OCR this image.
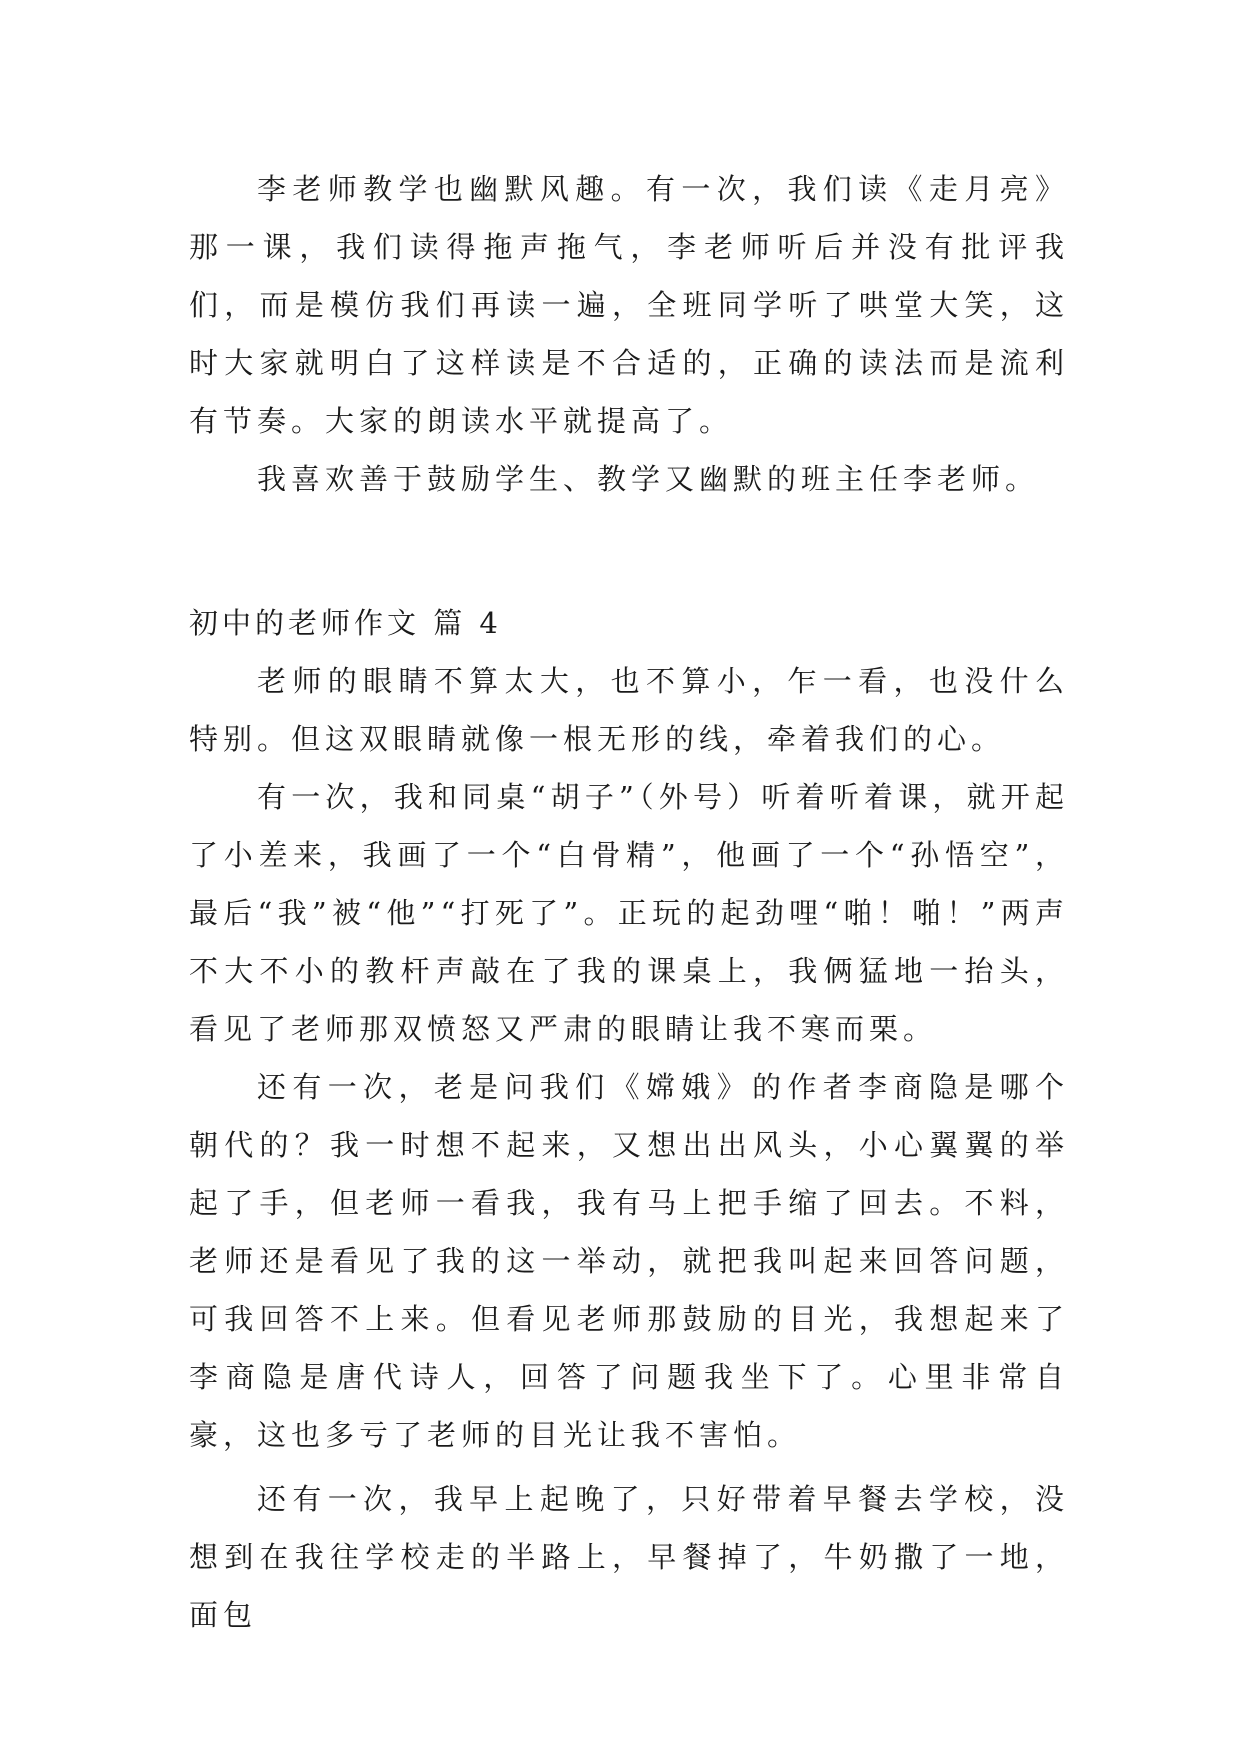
李老师教学也幽默风趣。有一次，我们读《走月亮》那一课，我们读得拖声拖气，李老师听后并没有批评我们，而是模仿我们再读一遍，全班同学听了哄堂大笑，这时大家就明白了这样读是不合适的，正确的读法而是流利有节奏。大家的朗读水平就提高了。

我喜欢善于鼓励学生、教学又幽默的班主任李老师。

初中的老师作文 篇 4

老师的眼睛不算太大，也不算小，乍一看，也没什么特别。但这双眼睛就像一根无形的线，牵着我们的心。

有一次，我和同桌“胡子”（外号）听着听着课，就开起了小差来，我画了一个“白骨精”，他画了一个“孙悟空”，最后“我”被“他”“打死了”。正玩的起劲哩“啪！啪！”两声不大不小的教杆声敲在了我的课桌上，我俩猛地一抬头，看见了老师那双愤怒又严肃的眼睛让我不寒而栗。

还有一次，老是问我们《嫦娥》的作者李商隐是哪个朝代的？我一时想不起来，又想出出风头，小心翼翼的举起了手，但老师一看我，我有马上把手缩了回去。不料，老师还是看见了我的这一举动，就把我叫起来回答问题，可我回答不上来。但看见老师那鼓励的目光，我想起来了李商隐是唐代诗人，回答了问题我坐下了。心里非常自豪，这也多亏了老师的目光让我不害怕。

还有一次，我早上起晚了，只好带着早餐去学校，没想到在我往学校走的半路上，早餐掉了，牛奶撒了一地，面包
